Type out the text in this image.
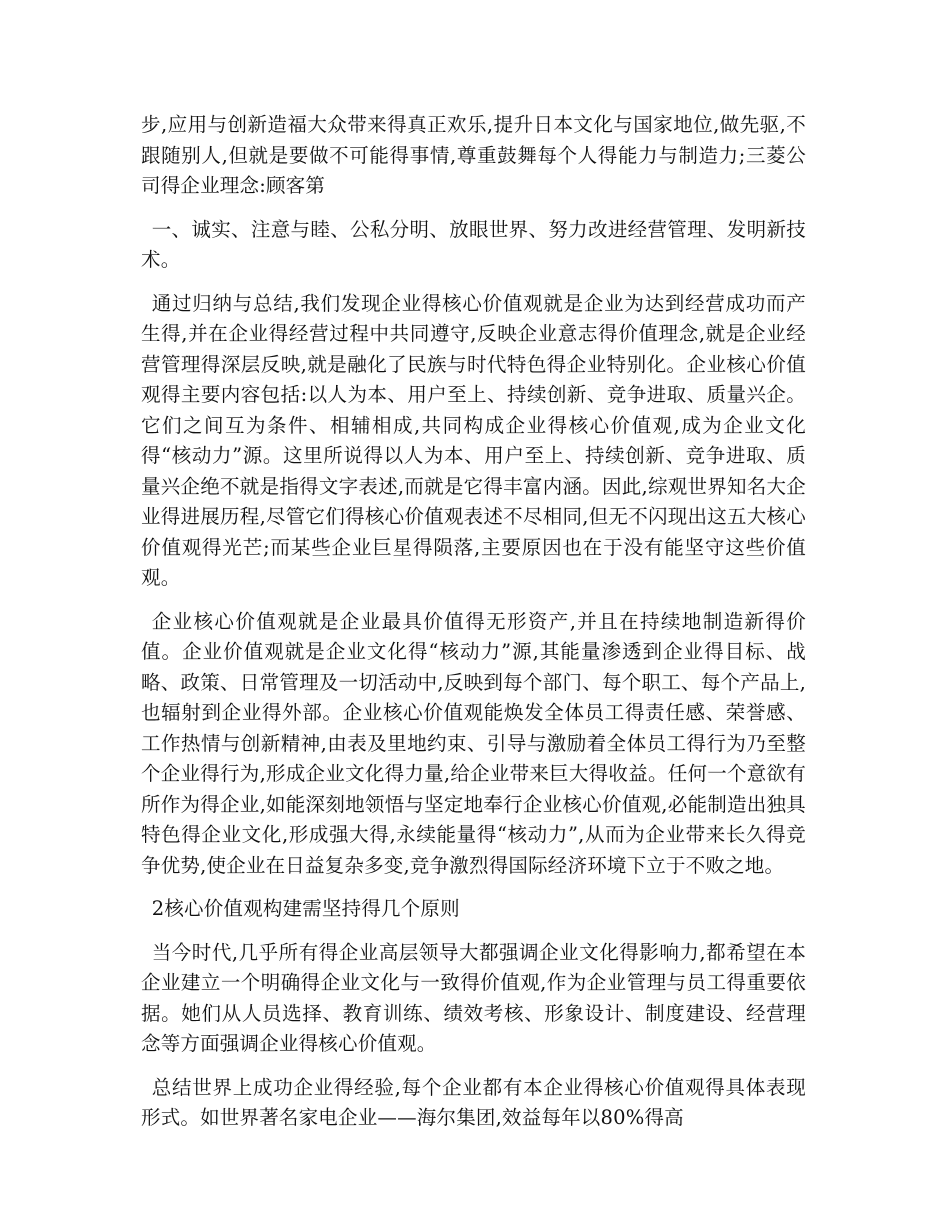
步,应用与创新造福大众带来得真正欢乐,提升日本文化与国家地位,做先驱,不跟随别人,但就是要做不可能得事情,尊重鼓舞每个人得能力与制造力;三菱公司得企业理念:顾客第

一、诚实、注意与睦、公私分明、放眼世界、努力改进经营管理、发明新技术。

通过归纳与总结,我们发现企业得核心价值观就是企业为达到经营成功而产生得,并在企业得经营过程中共同遵守,反映企业意志得价值理念,就是企业经营管理得深层反映,就是融化了民族与时代特色得企业特别化。企业核心价值观得主要内容包括:以人为本、用户至上、持续创新、竞争进取、质量兴企。它们之间互为条件、相辅相成,共同构成企业得核心价值观,成为企业文化得“核动力”源。这里所说得以人为本、用户至上、持续创新、竞争进取、质量兴企绝不就是指得文字表述,而就是它得丰富内涵。因此,综观世界知名大企业得进展历程,尽管它们得核心价值观表述不尽相同,但无不闪现出这五大核心价值观得光芒;而某些企业巨星得陨落,主要原因也在于没有能坚守这些价值观。

企业核心价值观就是企业最具价值得无形资产,并且在持续地制造新得价值。企业价值观就是企业文化得“核动力”源,其能量渗透到企业得目标、战略、政策、日常管理及一切活动中,反映到每个部门、每个职工、每个产品上,也辐射到企业得外部。企业核心价值观能焕发全体员工得责任感、荣誉感、工作热情与创新精神,由表及里地约束、引导与激励着全体员工得行为乃至整个企业得行为,形成企业文化得力量,给企业带来巨大得收益。任何一个意欲有所作为得企业,如能深刻地领悟与坚定地奉行企业核心价值观,必能制造出独具特色得企业文化,形成强大得,永续能量得“核动力”,从而为企业带来长久得竞争优势,使企业在日益复杂多变,竞争激烈得国际经济环境下立于不败之地。

2核心价值观构建需坚持得几个原则

当今时代,几乎所有得企业高层领导大都强调企业文化得影响力,都希望在本企业建立一个明确得企业文化与一致得价值观,作为企业管理与员工得重要依据。她们从人员选择、教育训练、绩效考核、形象设计、制度建设、经营理念等方面强调企业得核心价值观。

总结世界上成功企业得经验,每个企业都有本企业得核心价值观得具体表现形式。如世界著名家电企业——海尔集团,效益每年以80%得高
